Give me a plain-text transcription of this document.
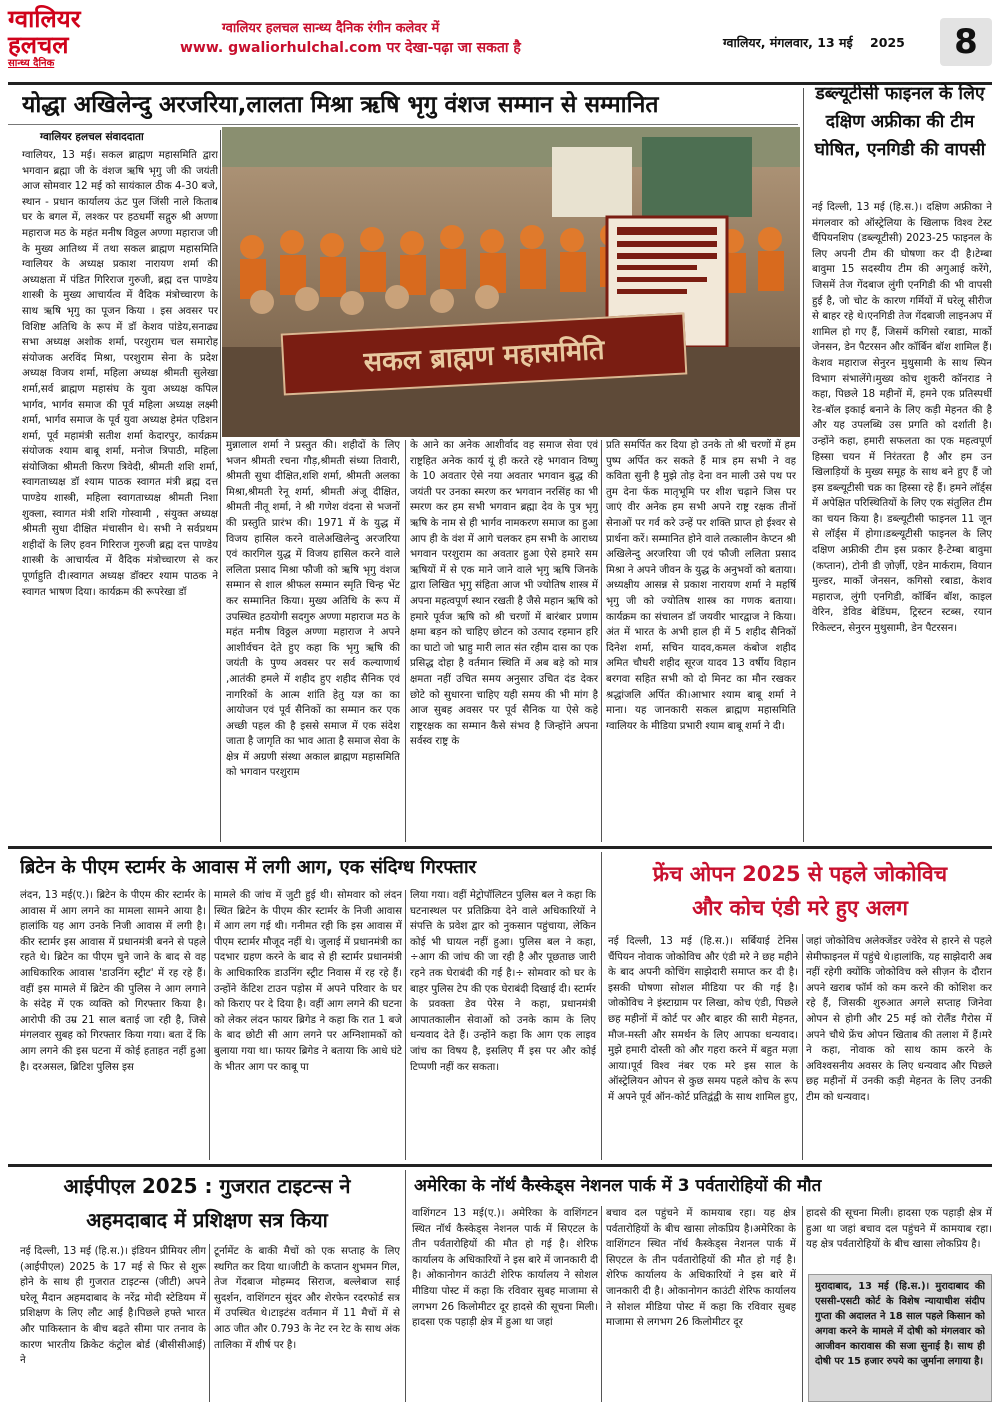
ग्वालियर
हलचल
सान्ध्य दैनिक
ग्वालियर हलचल सान्ध्य दैनिक रंगीन कलेवर में
www. gwaliorhulchal.com पर देखा-पढ़ा जा सकता है	ग्वालियर, मंगलवार, 13 मई 2025	8
योद्धा अखिलेन्दु अरजरिया,लालता मिश्रा ऋषि भृगु वंशज सम्मान से सम्मानित
ग्वालियर हलचल संवाददाता
ग्वालियर, 13 मई। सकल ब्राह्मण महासमिति द्वारा भगवान ब्रह्मा जी के वंशज ऋषि भृगु जी की जयंती आज सोमवार 12 मई को सायंकाल ठीक 4-30 बजे, स्थान - प्रधान कार्यालय ऊंट पुल जिंसी नाले किताब घर के बगल में, लश्कर पर हठधर्मी सद्गुरु श्री अण्णा महाराज मठ के महंत मनीष विठ्ठल अण्णा महाराज जी के मुख्य आतिथ्य में तथा सकल ब्राह्मण महासमिति ग्वालियर के अध्यक्ष प्रकाश नारायण शर्मा की अध्यक्षता में पंडित गिरिराज गुरुजी, ब्रह्म दत्त पाण्डेय शास्त्री के मुख्य आचार्यत्व में वैदिक मंत्रोच्चारण के साथ ऋषि भृगु का पूजन किया । इस अवसर पर विशिष्ट अतिथि के रूप में डॉ केशव पांडेय,सनाढ्य सभा अध्यक्ष अशोक शर्मा, परशुराम चल समारोह संयोजक अरविंद मिश्रा, परशुराम सेना के प्रदेश अध्यक्ष विजय शर्मा, महिला अध्यक्ष श्रीमती सुलेखा शर्मा,सर्व ब्राह्मण महासंघ के युवा अध्यक्ष कपिल भार्गव, भार्गव समाज की पूर्व महिला अध्यक्ष लक्ष्मी शर्मा, भार्गव समाज के पूर्व युवा अध्यक्ष हेमंत एडिशन शर्मा, पूर्व महामंत्री सतीश शर्मा केदारपुर, कार्यक्रम संयोजक श्याम बाबू शर्मा, मनोज त्रिपाठी, महिला संयोजिका श्रीमती किरण त्रिवेदी, श्रीमती शशि शर्मा, स्वागताध्यक्ष डॉ श्याम पाठक स्वागत मंत्री ब्रह्म दत्त पाण्डेय शास्त्री, महिला स्वागताध्यक्ष श्रीमती निशा शुक्ला, स्वागत मंत्री शशि गोस्वामी , संयुक्त अध्यक्ष श्रीमती सुधा दीक्षित मंचासीन थे। सभी ने सर्वप्रथम शहीदों के लिए हवन गिरिराज गुरुजी ब्रह्म दत्त पाण्डेय शास्त्री के आचार्यत्व में वैदिक मंत्रोच्चारण से कर पूर्णाहुति दी।स्वागत अध्यक्ष डॉक्टर श्याम पाठक ने स्वागत भाषण दिया। कार्यक्रम की रूपरेखा डॉ
सकल ब्राह्मण महासमिति
मुन्नालाल शर्मा ने प्रस्तुत की। शहीदों के लिए भजन श्रीमती रचना गौड़,श्रीमती संध्या तिवारी, श्रीमती सुधा दीक्षित,शशि शर्मा, श्रीमती अलका मिश्रा,श्रीमती रेनू शर्मा, श्रीमती अंजू दीक्षित, श्रीमती नीतू शर्मा, ने श्री गणेश वंदना से भजनों की प्रस्तुति प्रारंभ की। 1971 में के युद्ध में विजय हासिल करने वालेअखिलेन्दु अरजरिया एवं कारगिल युद्ध में विजय हासिल करने वाले ललिता प्रसाद मिश्रा फौजी को ऋषि भृगु वंशज सम्मान से शाल श्रीफल सम्मान स्मृति चिन्ह भेंट कर सम्मानित किया। मुख्य अतिथि के रूप में उपस्थित हठयोगी सदगुरु अण्णा महाराज मठ के महंत मनीष विठ्ठल अण्णा महाराज ने अपने आशीर्वचन देते हुए कहा कि भृगु ऋषि की जयंती के पुण्य अवसर पर सर्व कल्याणार्थ ,आतंकी हमले में शहीद हुए शहीद सैनिक एवं नागरिकों के आत्म शांति हेतु यज्ञ का का आयोजन एवं पूर्व सैनिकों का सम्मान कर एक अच्छी पहल की है इससे समाज में एक संदेश जाता है जागृति का भाव आता है समाज सेवा के क्षेत्र में अग्रणी संस्था अकाल ब्राह्मण महासमिति को भगवान परशुराम
के आने का अनेक आशीर्वाद वह समाज सेवा एवं राष्ट्रहित अनेक कार्य यूं ही करते रहे भगवान विष्णु के 10 अवतार ऐसे नया अवतार भगवान बुद्ध की जयंती पर उनका स्मरण कर भगवान नरसिंह का भी स्मरण कर हम सभी भगवान ब्रह्मा देव के पुत्र भृगु ऋषि के नाम से ही भार्गव नामकरण समाज का हुआ आप ही के वंश में आगे चलकर हम सभी के आराध्य भगवान परशुराम का अवतार हुआ ऐसे हमारे सम ऋषियों में से एक माने जाने वाले भृगु ऋषि जिनके द्वारा लिखित भृगु संहिता आज भी ज्योतिष शास्त्र में अपना महत्वपूर्ण स्थान रखती है जैसे महान ऋषि को हमारे पूर्वज ऋषि को श्री चरणों में बारंबार प्रणाम क्षमा बड़न को चाहिए छोटन को उत्पाद रहमान हरि का घाटो जो भ्राहु मारी लात संत रहीम दास का एक प्रसिद्ध दोहा है वर्तमान स्थिति में अब बड़े को मात्र क्षमता नहीं उचित समय अनुसार उचित दंड देकर छोटे को सुधारना चाहिए यही समय की भी मांग है आज सुबह अवसर पर पूर्व सैनिक या ऐसे कहे राष्ट्ररक्षक का सम्मान कैसे संभव है जिन्होंने अपना सर्वस्व राष्ट्र के
प्रति समर्पित कर दिया हो उनके तो श्री चरणों में हम पुष्प अर्पित कर सकते हैं मात्र हम सभी ने वह कविता सुनी है मुझे तोड़ देना वन माली उसे पथ पर तुम देना फेंक मातृभूमि पर शीश चढ़ाने जिस पर जाएं वीर अनेक हम सभी अपने राष्ट्र रक्षक तीनों सेनाओं पर गर्व करे उन्हें पर शक्ति प्राप्त हो ईश्वर से प्रार्थना करें। सम्मानित होने वाले तत्कालीन केप्टन श्री अखिलेन्दु अरजरिया जी एवं फौजी ललिता प्रसाद मिश्रा ने अपने जीवन के युद्ध के अनुभवों को बताया। अध्यक्षीय आसन्न से प्रकाश नारायण शर्मा ने महर्षि भृगु जी को ज्योतिष शास्त्र का गणक बताया। कार्यक्रम का संचालन डॉ जयवीर भारद्वाज ने किया। अंत में भारत के अभी हाल ही में 5 शहीद सैनिकों दिनेश शर्मा, सचिन यादव,कमल कंबोज शहीद अमित चौधरी शहीद सूरज यादव 13 वर्षीय विहान बरगवा सहित सभी को दो मिनट का मौन रखकर श्रद्धांजलि अर्पित की।आभार श्याम बाबू शर्मा ने माना। यह जानकारी सकल ब्राह्मण महासमिति ग्वालियर के मीडिया प्रभारी श्याम बाबू शर्मा ने दी।
डब्ल्यूटीसी फाइनल के लिए दक्षिण अफ्रीका की टीम घोषित, एनगिडी की वापसी
नई दिल्ली, 13 मई (हि.स.)। दक्षिण अफ्रीका ने मंगलवार को ऑस्ट्रेलिया के खिलाफ विश्व टेस्ट चैंपियनशिप (डब्ल्यूटीसी) 2023-25 फाइनल के लिए अपनी टीम की घोषणा कर दी है।टेम्बा बावुमा 15 सदस्यीय टीम की अगुआई करेंगे, जिसमें तेज गेंदबाज लुंगी एनगिडी की भी वापसी हुई है, जो चोट के कारण गर्मियों में घरेलू सीरीज से बाहर रहे थे।एनगिडी तेज गेंदबाजी लाइनअप में शामिल हो गए हैं, जिसमें कगिसो रबाडा, मार्को जेनसन, डेन पैटरसन और कॉर्बिन बॉश शामिल हैं। केशव महाराज सेनुरन मुथुसामी के साथ स्पिन विभाग संभालेंगे।मुख्य कोच शुकरी कॉनराड ने कहा, पिछले 18 महीनों में, हमने एक प्रतिस्पर्धी रेड-बॉल इकाई बनाने के लिए कड़ी मेहनत की है और यह उपलब्धि उस प्रगति को दर्शाती है। उन्होंने कहा, हमारी सफलता का एक महत्वपूर्ण हिस्सा चयन में निरंतरता है और हम उन खिलाड़ियों के मुख्य समूह के साथ बने हुए हैं जो इस डब्ल्यूटीसी चक्र का हिस्सा रहे हैं। हमने लॉर्ड्स में अपेक्षित परिस्थितियों के लिए एक संतुलित टीम का चयन किया है। डब्ल्यूटीसी फाइनल 11 जून से लॉर्ड्स में होगा।डब्ल्यूटीसी फाइनल के लिए दक्षिण अफ्रीकी टीम इस प्रकार है-टेम्बा बावुमा (कप्तान), टोनी डी ज़ोर्ज़ी, एडेन मार्कराम, वियान मुल्डर, मार्को जेनसन, कगिसो रबाडा, केशव महाराज, लुंगी एनगिडी, कॉर्बिन बॉश, काइल वेरिन, डेविड बेडिंघम, ट्रिस्टन स्टब्स, रयान रिकेल्टन, सेनुरन मुथुसामी, डेन पैटरसन।
ब्रिटेन के पीएम स्टार्मर के आवास में लगी आग, एक संदिग्ध गिरफ्तार
लंदन, 13 मई(ए.)। ब्रिटेन के पीएम कीर स्टार्मर के आवास में आग लगने का मामला सामने आया है। हालांकि यह आग उनके निजी आवास में लगी है। कीर स्टार्मर इस आवास में प्रधानमंत्री बनने से पहले रहते थे। ब्रिटेन का पीएम चुने जाने के बाद से वह आधिकारिक आवास 'डाउनिंग स्ट्रीट' में रह रहे हैं। वहीं इस मामले में ब्रिटेन की पुलिस ने आग लगाने के संदेह में एक व्यक्ति को गिरफ्तार किया है। आरोपी की उम्र 21 साल बताई जा रही है, जिसे मंगलवार सुबह को गिरफ्तार किया गया। बता दें कि आग लगने की इस घटना में कोई हताहत नहीं हुआ है। दरअसल, ब्रिटिश पुलिस इस
मामले की जांच में जुटी हुई थी। सोमवार को लंदन स्थित ब्रिटेन के पीएम कीर स्टार्मर के निजी आवास में आग लग गई थी। गनीमत रही कि इस आवास में पीएम स्टार्मर मौजूद नहीं थे। जुलाई में प्रधानमंत्री का पदभार ग्रहण करने के बाद से ही स्टार्मर प्रधानमंत्री के आधिकारिक डाउनिंग स्ट्रीट निवास में रह रहे हैं। उन्होंने केंटिश टाउन पड़ोस में अपने परिवार के घर को किराए पर दे दिया है। वहीं आग लगने की घटना को लेकर लंदन फायर ब्रिगेड ने कहा कि रात 1 बजे के बाद छोटी सी आग लगने पर अग्निशामकों को बुलाया गया था। फायर ब्रिगेड ने बताया कि आधे घंटे के भीतर आग पर काबू पा
लिया गया। वहीं मेट्रोपॉलिटन पुलिस बल ने कहा कि घटनास्थल पर प्रतिक्रिया देने वाले अधिकारियों ने संपत्ति के प्रवेश द्वार को नुकसान पहुंचाया, लेकिन कोई भी घायल नहीं हुआ। पुलिस बल ने कहा, ÷आग की जांच की जा रही है और पूछताछ जारी रहने तक घेराबंदी की गई है।÷ सोमवार को घर के बाहर पुलिस टेप की एक घेराबंदी दिखाई दी। स्टार्मर के प्रवक्ता डेव पेरेस ने कहा, प्रधानमंत्री आपातकालीन सेवाओं को उनके काम के लिए धन्यवाद देते हैं। उन्होंने कहा कि आग एक लाइव जांच का विषय है, इसलिए मैं इस पर और कोई टिप्पणी नहीं कर सकता।
फ्रेंच ओपन 2025 से पहले जोकोविच
और कोच एंडी मरे हुए अलग
नई दिल्ली, 13 मई (हि.स.)। सर्बियाई टेनिस चैंपियन नोवाक जोकोविच और एंडी मरे ने छह महीने के बाद अपनी कोचिंग साझेदारी समाप्त कर दी है। इसकी घोषणा सोशल मीडिया पर की गई है।जोकोविच ने इंस्टाग्राम पर लिखा, कोच एंडी, पिछले छह महीनों में कोर्ट पर और बाहर की सारी मेहनत, मौज-मस्ती और समर्थन के लिए आपका धन्यवाद। मुझे हमारी दोस्ती को और गहरा करने में बहुत मज़ा आया।पूर्व विश्व नंबर एक मरे इस साल के ऑस्ट्रेलियन ओपन से कुछ समय पहले कोच के रूप में अपने पूर्व ऑन-कोर्ट प्रतिद्वंद्वी के साथ शामिल हुए,
जहां जोकोविच अलेक्जेंडर ज्वेरेव से हारने से पहले सेमीफाइनल में पहुंचे थे।हालांकि, यह साझेदारी अब नहीं रहेगी क्योंकि जोकोविच क्ले सीज़न के दौरान अपने खराब फॉर्म को कम करने की कोशिश कर रहे हैं, जिसकी शुरुआत अगले सप्ताह जिनेवा ओपन से होगी और 25 मई को रोलैंड गैरोस में अपने चौथे फ्रेंच ओपन खिताब की तलाश में हैं।मरे ने कहा, नोवाक को साथ काम करने के अविश्वसनीय अवसर के लिए धन्यवाद और पिछले छह महीनों में उनकी कड़ी मेहनत के लिए उनकी टीम को धन्यवाद।
आईपीएल 2025 : गुजरात टाइटन्स ने
अहमदाबाद में प्रशिक्षण सत्र किया
नई दिल्ली, 13 मई (हि.स.)। इंडियन प्रीमियर लीग (आईपीएल) 2025 के 17 मई से फिर से शुरू होने के साथ ही गुजरात टाइटन्स (जीटी) अपने घरेलू मैदान अहमदाबाद के नरेंद्र मोदी स्टेडियम में प्रशिक्षण के लिए लौट आई है।पिछले हफ्ते भारत और पाकिस्तान के बीच बढ़ते सीमा पार तनाव के कारण भारतीय क्रिकेट कंट्रोल बोर्ड (बीसीसीआई) ने
टूर्नामेंट के बाकी मैचों को एक सप्ताह के लिए स्थगित कर दिया था।जीटी के कप्तान शुभमन गिल, तेज गेंदबाज मोहम्मद सिराज, बल्लेबाज साई सुदर्शन, वाशिंगटन सुंदर और शेरफेन रदरफोर्ड सत्र में उपस्थित थे।टाइटंस वर्तमान में 11 मैचों में से आठ जीत और 0.793 के नेट रन रेट के साथ अंक तालिका में शीर्ष पर है।
अमेरिका के नॉर्थ कैस्केड्स नेशनल पार्क में 3 पर्वतारोहियों की मौत
वाशिंगटन 13 मई(ए.)। अमेरिका के वाशिंगटन स्थित नॉर्थ कैस्केड्स नेशनल पार्क में सिएटल के तीन पर्वतारोहियों की मौत हो गई है। शेरिफ कार्यालय के अधिकारियों ने इस बारे में जानकारी दी है। ओकानोगन काउंटी शेरिफ कार्यालय ने सोशल मीडिया पोस्ट में कहा कि रविवार सुबह माजामा से लगभग 26 किलोमीटर दूर हादसे की सूचना मिली। हादसा एक पहाड़ी क्षेत्र में हुआ था जहां
बचाव दल पहुंचने में कामयाब रहा। यह क्षेत्र पर्वतारोहियों के बीच खासा लोकप्रिय है।अमेरिका के वाशिंगटन स्थित नॉर्थ कैस्केड्स नेशनल पार्क में सिएटल के तीन पर्वतारोहियों की मौत हो गई है। शेरिफ कार्यालय के अधिकारियों ने इस बारे में जानकारी दी है। ओकानोगन काउंटी शेरिफ कार्यालय ने सोशल मीडिया पोस्ट में कहा कि रविवार सुबह माजामा से लगभग 26 किलोमीटर दूर
हादसे की सूचना मिली। हादसा एक पहाड़ी क्षेत्र में हुआ था जहां बचाव दल पहुंचने में कामयाब रहा। यह क्षेत्र पर्वतारोहियों के बीच खासा लोकप्रिय है।
मुरादाबाद, 13 मई (हि.स.)। मुरादाबाद की एससी-एसटी कोर्ट के विशेष न्यायाधीश संदीप गुप्ता की अदालत ने 18 साल पहले किसान को अगवा करने के मामले में दोषी को मंगलवार को आजीवन कारावास की सजा सुनाई है। साथ ही दोषी पर 15 हजार रुपये का जुर्माना लगाया है।
